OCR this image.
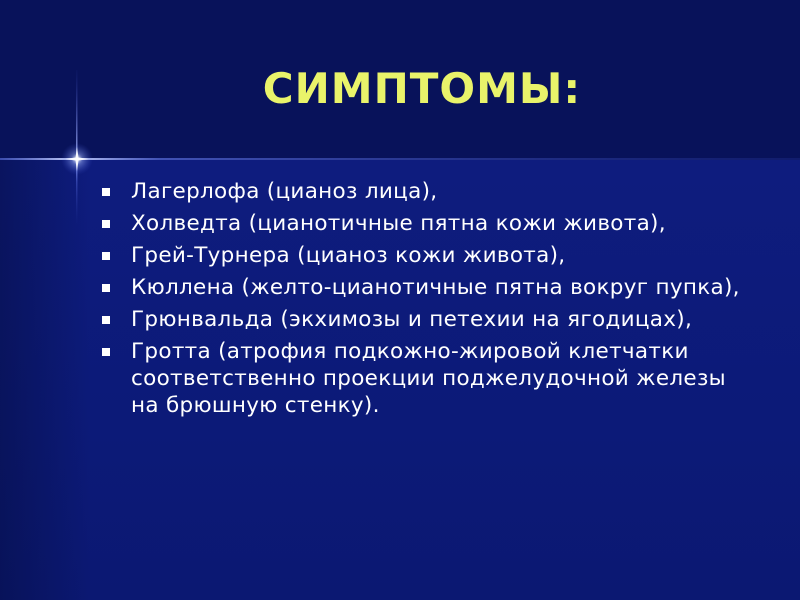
СИМПТОМЫ:
Лагерлофа (цианоз лица),
Холведта (цианотичные пятна кожи живота),
Грей-Турнера (цианоз кожи живота),
Кюллена (желто-цианотичные пятна вокруг пупка),
Грюнвальда (экхимозы и петехии на ягодицах),
Гротта (атрофия подкожно-жировой клетчатки соответственно проекции поджелудочной железы на брюшную стенку).
